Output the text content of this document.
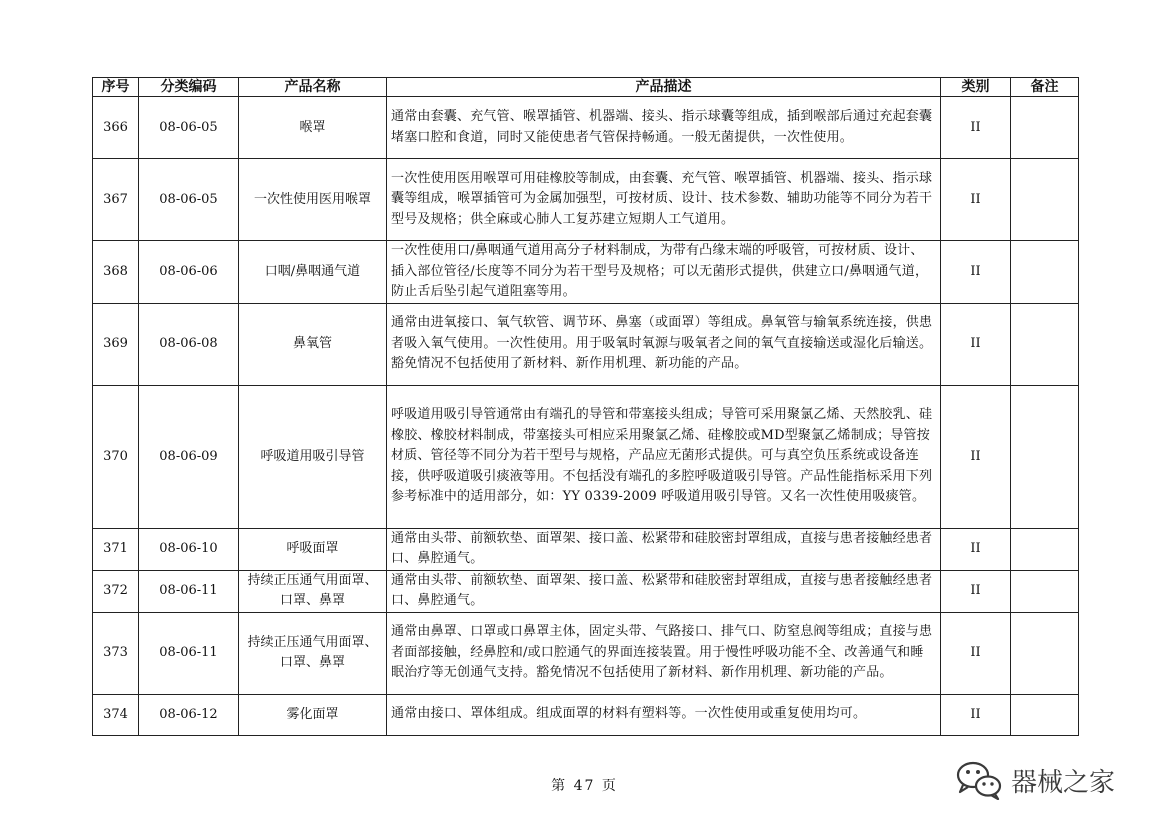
序号	分类编码	产品名称	产品描述	类别	备注
366	08-06-05	喉罩	通常由套囊、充气管、喉罩插管、机器端、接头、指示球囊等组成，插到喉部后通过充起套囊堵塞口腔和食道，同时又能使患者气管保持畅通。一般无菌提供，一次性使用。	II	
367	08-06-05	一次性使用医用喉罩	一次性使用医用喉罩可用硅橡胶等制成，由套囊、充气管、喉罩插管、机器端、接头、指示球囊等组成，喉罩插管可为金属加强型，可按材质、设计、技术参数、辅助功能等不同分为若干型号及规格；供全麻或心肺人工复苏建立短期人工气道用。	II	
368	08-06-06	口咽/鼻咽通气道	一次性使用口/鼻咽通气道用高分子材料制成，为带有凸缘末端的呼吸管，可按材质、设计、插入部位管径/长度等不同分为若干型号及规格；可以无菌形式提供，供建立口/鼻咽通气道，防止舌后坠引起气道阻塞等用。	II	
369	08-06-08	鼻氧管	通常由进氧接口、氧气软管、调节环、鼻塞（或面罩）等组成。鼻氧管与输氧系统连接，供患者吸入氧气使用。一次性使用。用于吸氧时氧源与吸氧者之间的氧气直接输送或湿化后输送。豁免情况不包括使用了新材料、新作用机理、新功能的产品。	II	
370	08-06-09	呼吸道用吸引导管	呼吸道用吸引导管通常由有端孔的导管和带塞接头组成；导管可采用聚氯乙烯、天然胶乳、硅橡胶、橡胶材料制成，带塞接头可相应采用聚氯乙烯、硅橡胶或MD型聚氯乙烯制成；导管按材质、管径等不同分为若干型号与规格，产品应无菌形式提供。可与真空负压系统或设备连接，供呼吸道吸引痰液等用。不包括没有端孔的多腔呼吸道吸引导管。产品性能指标采用下列参考标准中的适用部分，如：YY 0339-2009 呼吸道用吸引导管。又名一次性使用吸痰管。	II	
371	08-06-10	呼吸面罩	通常由头带、前额软垫、面罩架、接口盖、松紧带和硅胶密封罩组成，直接与患者接触经患者口、鼻腔通气。	II	
372	08-06-11	持续正压通气用面罩、口罩、鼻罩	通常由头带、前额软垫、面罩架、接口盖、松紧带和硅胶密封罩组成，直接与患者接触经患者口、鼻腔通气。	II	
373	08-06-11	持续正压通气用面罩、口罩、鼻罩	通常由鼻罩、口罩或口鼻罩主体，固定头带、气路接口、排气口、防窒息阀等组成；直接与患者面部接触，经鼻腔和/或口腔通气的界面连接装置。用于慢性呼吸功能不全、改善通气和睡眠治疗等无创通气支持。豁免情况不包括使用了新材料、新作用机理、新功能的产品。	II	
374	08-06-12	雾化面罩	通常由接口、罩体组成。组成面罩的材料有塑料等。一次性使用或重复使用均可。	II	
第 47 页	器械之家
